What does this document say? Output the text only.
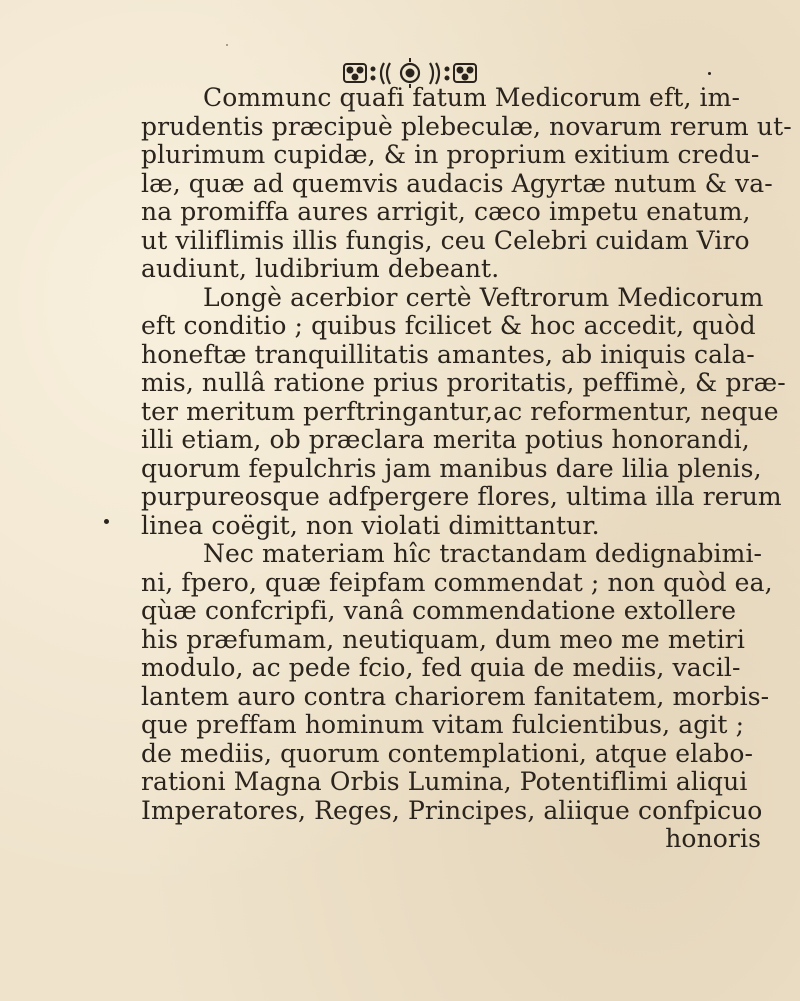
Communc quafi fatum Medicorum eft, im-
prudentis præcipuè plebeculæ, novarum rerum ut-
plurimum cupidæ, & in proprium exitium credu-
læ, quæ ad quemvis audacis Agyrtæ nutum & va-
na promiffa aures arrigit, cæco impetu enatum,
ut viliflimis illis fungis, ceu Celebri cuidam Viro
audiunt, ludibrium debeant.
Longè acerbior certè Veftrorum Medicorum
eft conditio ; quibus fcilicet & hoc accedit, quòd
honeftæ tranquillitatis amantes, ab iniquis cala-
mis, nullâ ratione prius proritatis, peffimè, & præ-
ter meritum perftringantur,ac reformentur, neque
illi etiam, ob præclara merita potius honorandi,
quorum fepulchris jam manibus dare lilia plenis,
purpureosque adfpergere flores, ultima illa rerum
linea coëgit, non violati dimittantur.
Nec materiam hîc tractandam dedignabimi-
ni, fpero, quæ feipfam commendat ; non quòd ea,
qùæ confcripfi, vanâ commendatione extollere
his præfumam, neutiquam, dum meo me metiri
modulo, ac pede fcio, fed quia de mediis, vacil-
lantem auro contra chariorem fanitatem, morbis-
que preffam hominum vitam fulcientibus, agit ;
de mediis, quorum contemplationi, atque elabo-
rationi Magna Orbis Lumina, Potentiflimi aliqui
Imperatores, Reges, Principes, aliique confpicuo
honoris
